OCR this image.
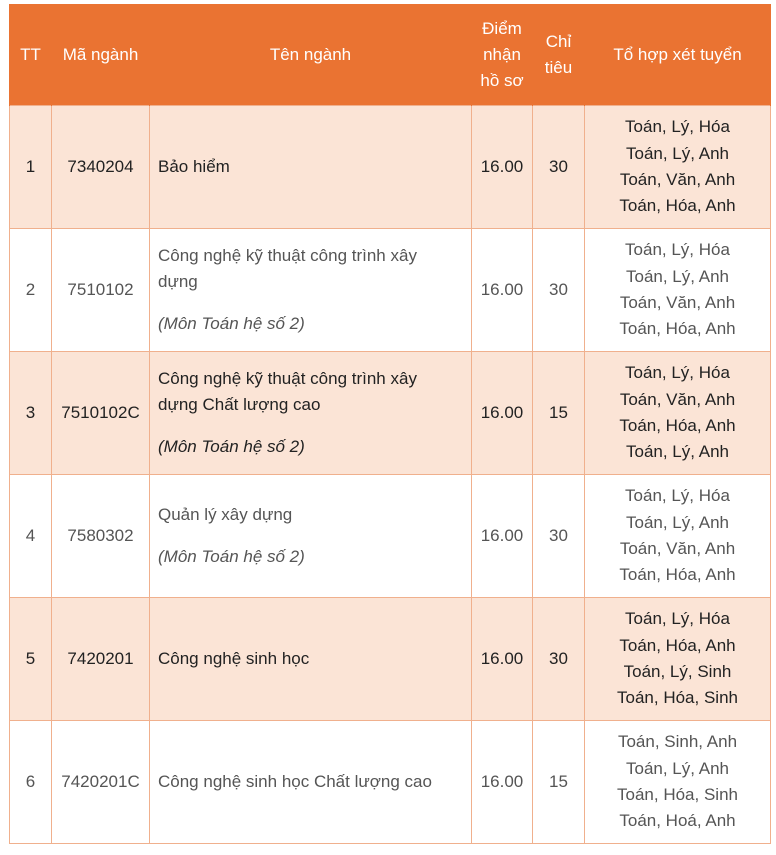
TT	Mã ngành	Tên ngành	Điểm
nhận
hồ sơ	Chỉ
tiêu	Tổ hợp xét tuyển
1	7340204	Bảo hiểm	16.00	30	Toán, Lý, Hóa
Toán, Lý, Anh
Toán, Văn, Anh
Toán, Hóa, Anh

2	7510102	Công nghệ kỹ thuật công trình xây
dựng
(Môn Toán hệ số 2)	16.00	30	Toán, Lý, Hóa
Toán, Lý, Anh
Toán, Văn, Anh
Toán, Hóa, Anh

3	7510102C	Công nghệ kỹ thuật công trình xây
dựng Chất lượng cao
(Môn Toán hệ số 2)	16.00	15	Toán, Lý, Hóa
Toán, Văn, Anh
Toán, Hóa, Anh
Toán, Lý, Anh

4	7580302	Quản lý xây dựng
(Môn Toán hệ số 2)	16.00	30	Toán, Lý, Hóa
Toán, Lý, Anh
Toán, Văn, Anh
Toán, Hóa, Anh

5	7420201	Công nghệ sinh học	16.00	30	Toán, Lý, Hóa
Toán, Hóa, Anh
Toán, Lý, Sinh
Toán, Hóa, Sinh

6	7420201C	Công nghệ sinh học Chất lượng cao	16.00	15	Toán, Sinh, Anh
Toán, Lý, Anh
Toán, Hóa, Sinh
Toán, Hoá, Anh
